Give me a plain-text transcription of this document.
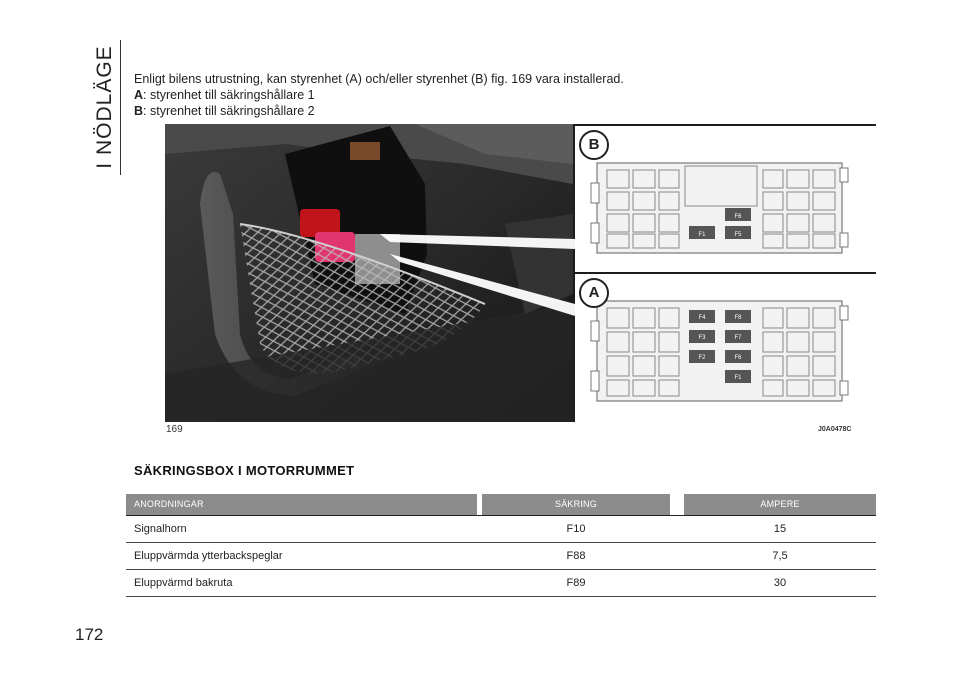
I NÖDLÄGE
172

Enligt bilens utrustning, kan styrenhet (A) och/eller styrenhet (B) fig. 169 vara installerad.

A: styrenhet till säkringshållare 1

B: styrenhet till säkringshållare 2

F6
F1	F5
B
F4	F8
F3	F7
F2	F6
F1
A
169	J0A0478C
SÄKRINGSBOX I MOTORRUMMET
ANORDNINGAR	SÄKRING	AMPERE
Signalhorn	F10	15
Eluppvärmda ytterbackspeglar	F88	7,5
Eluppvärmd bakruta	F89	30
